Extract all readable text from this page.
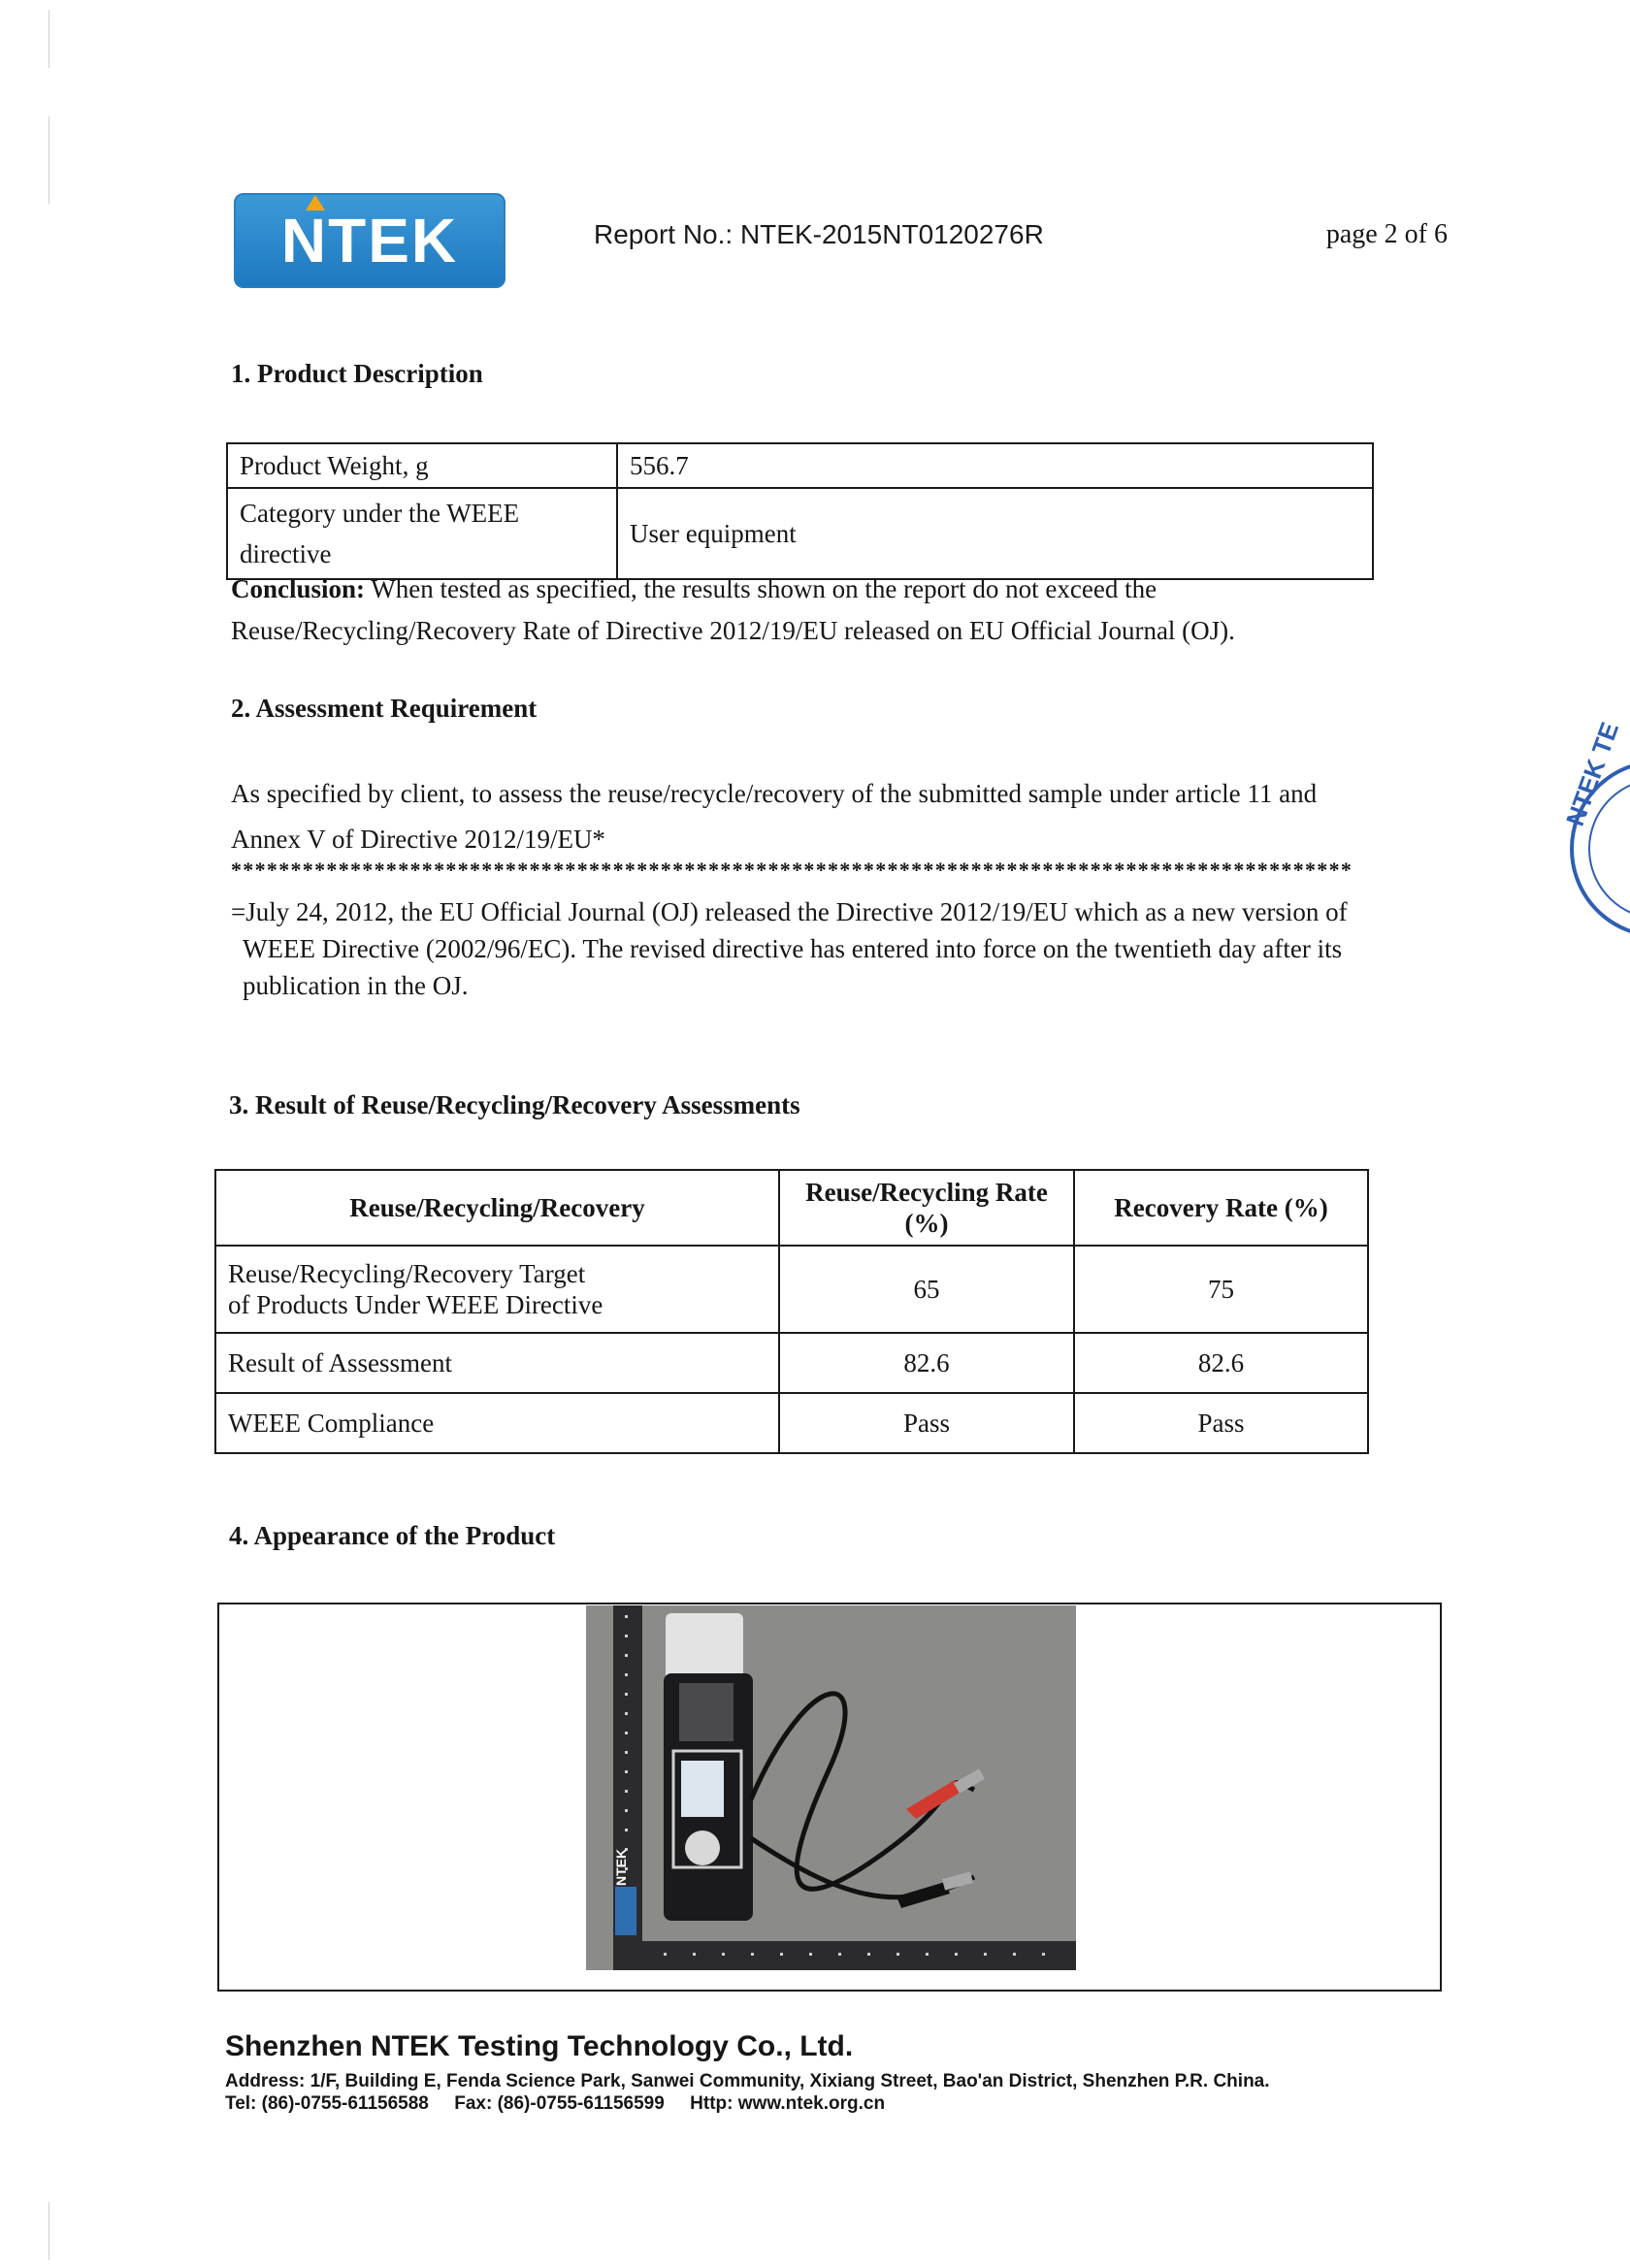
NTEK	Report No.: NTEK-2015NT0120276R	page 2 of 6
1. Product Description
Product Weight, g	556.7
Category under the WEEE directive	User equipment
Conclusion: When tested as specified, the results shown on the report do not exceed the
Reuse/Recycling/Recovery Rate of Directive 2012/19/EU released on EU Official Journal (OJ).
2. Assessment Requirement
As specified by client, to assess the reuse/recycle/recovery of the submitted sample under article 11 and
Annex V of Directive 2012/19/EU*
**********************************************************************************************
=July 24, 2012, the EU Official Journal (OJ) released the Directive 2012/19/EU which as a new version of
WEEE Directive (2002/96/EC). The revised directive has entered into force on the twentieth day after its
publication in the OJ.
3. Result of Reuse/Recycling/Recovery Assessments
Reuse/Recycling/Recovery	Reuse/Recycling Rate (%)	Recovery Rate (%)

Reuse/Recycling/Recovery Target
of Products Under WEEE Directive	65	75
Result of Assessment	82.6	82.6
WEEE Compliance	Pass	Pass
4. Appearance of the Product
NTEK
Shenzhen NTEK Testing Technology Co., Ltd.
Address: 1/F, Building E, Fenda Science Park, Sanwei Community, Xixiang Street, Bao'an District, Shenzhen P.R. China.
Tel: (86)-0755-61156588     Fax: (86)-0755-61156599     Http: www.ntek.org.cn
NTEK TE
